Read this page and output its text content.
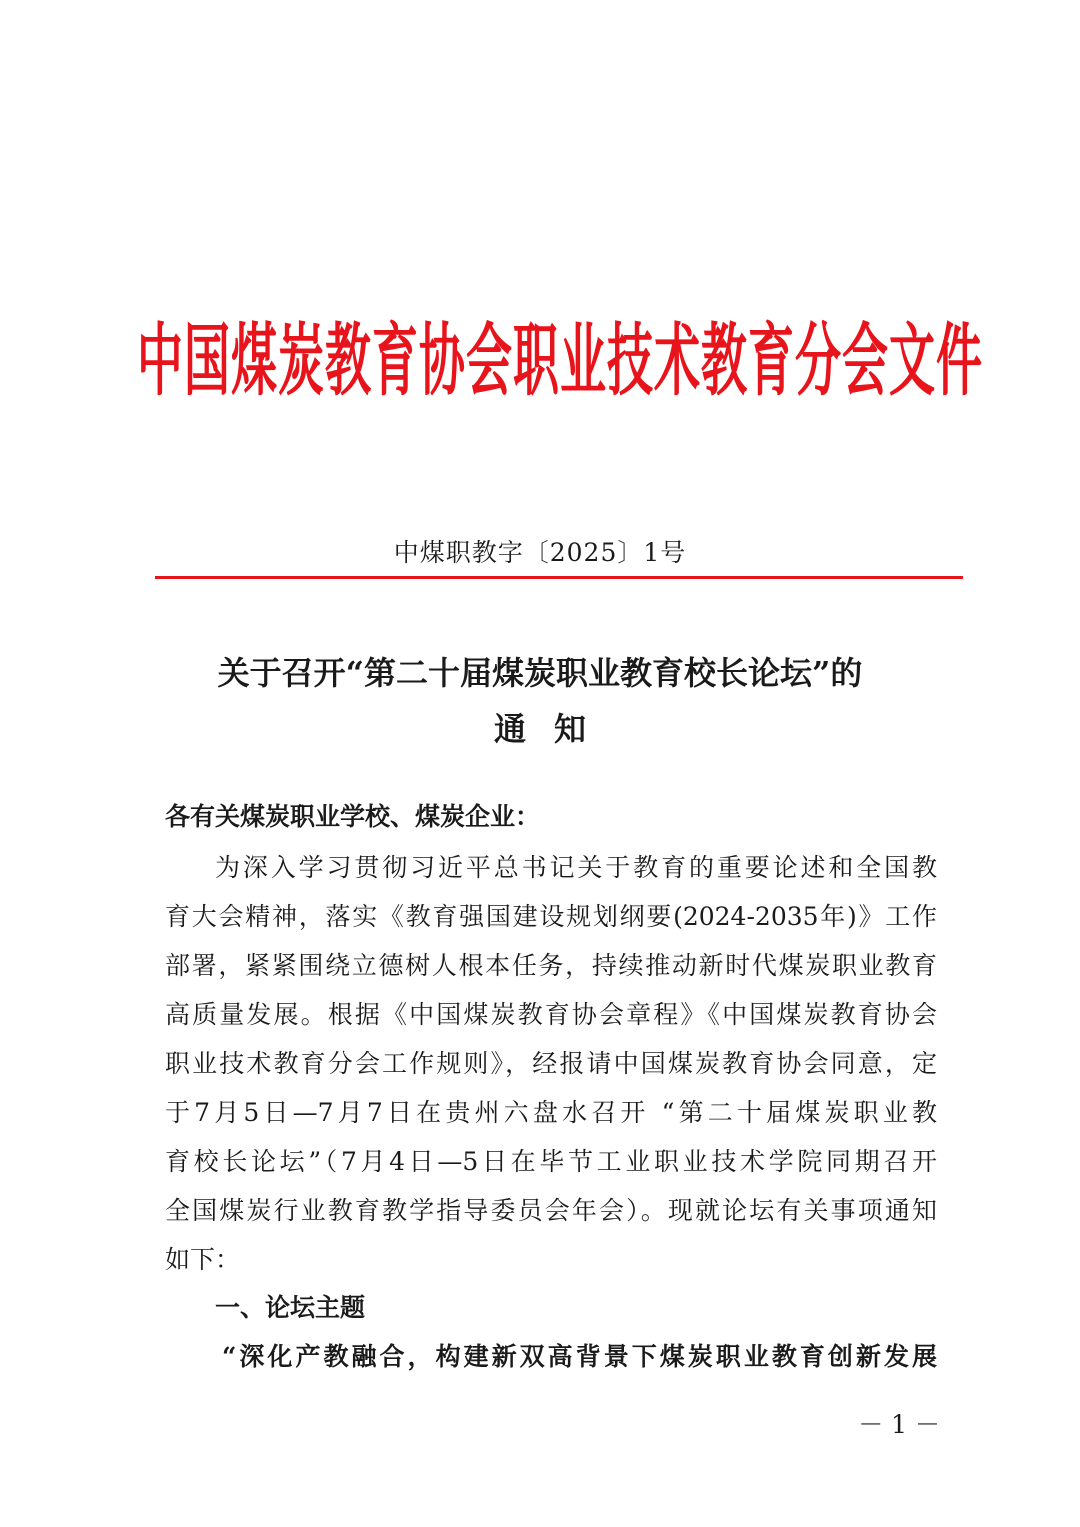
中国煤炭教育协会职业技术教育分会文件
中煤职教字〔2025〕1号
关于召开“第二十届煤炭职业教育校长论坛”的
通知
各有关煤炭职业学校、煤炭企业：
为深入学习贯彻习近平总书记关于教育的重要论述和全国教
育大会精神，落实《教育强国建设规划纲要(2024-2035年)》工作
部署，紧紧围绕立德树人根本任务，持续推动新时代煤炭职业教育
高质量发展。根据《中国煤炭教育协会章程》《中国煤炭教育协会
职业技术教育分会工作规则》，经报请中国煤炭教育协会同意，定
于7月5日—7月7日在贵州六盘水召开 “第二十届煤炭职业教
育校长论坛”（7月4日—5日在毕节工业职业技术学院同期召开
全国煤炭行业教育教学指导委员会年会）。现就论坛有关事项通知
如下：
一、论坛主题
“深化产教融合，构建新双高背景下煤炭职业教育创新发展
－ 1 －
